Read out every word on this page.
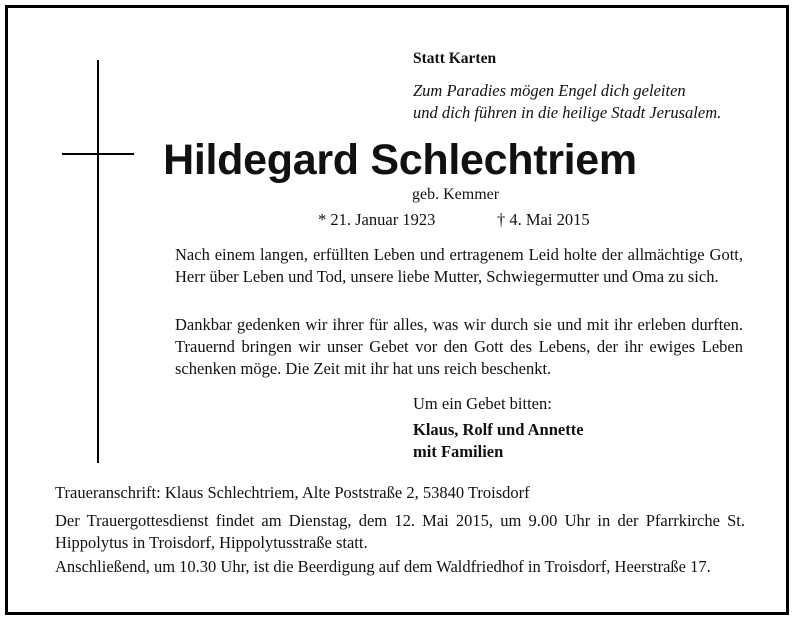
Statt Karten

Zum Paradies mögen Engel dich geleiten
und dich führen in die heilige Stadt Jerusalem.

Hildegard Schlechtriem

geb. Kemmer

* 21. Januar 1923	† 4. Mai 2015

Nach einem langen, erfüllten Leben und ertragenem Leid holte der allmächtige Gott, Herr über Leben und Tod, unsere liebe Mutter, Schwiegermutter und Oma zu sich.

Dankbar gedenken wir ihrer für alles, was wir durch sie und mit ihr erleben durften. Trauernd bringen wir unser Gebet vor den Gott des Lebens, der ihr ewiges Leben schenken möge. Die Zeit mit ihr hat uns reich beschenkt.

Um ein Gebet bitten:

Klaus, Rolf und Annette
mit Familien

Traueranschrift: Klaus Schlechtriem, Alte Poststraße 2, 53840 Troisdorf

Der Trauergottesdienst findet am Dienstag, dem 12. Mai 2015, um 9.00 Uhr in der Pfarrkirche St. Hippolytus in Troisdorf, Hippolytusstraße statt.

Anschließend, um 10.30 Uhr, ist die Beerdigung auf dem Waldfriedhof in Troisdorf, Heerstraße 17.
